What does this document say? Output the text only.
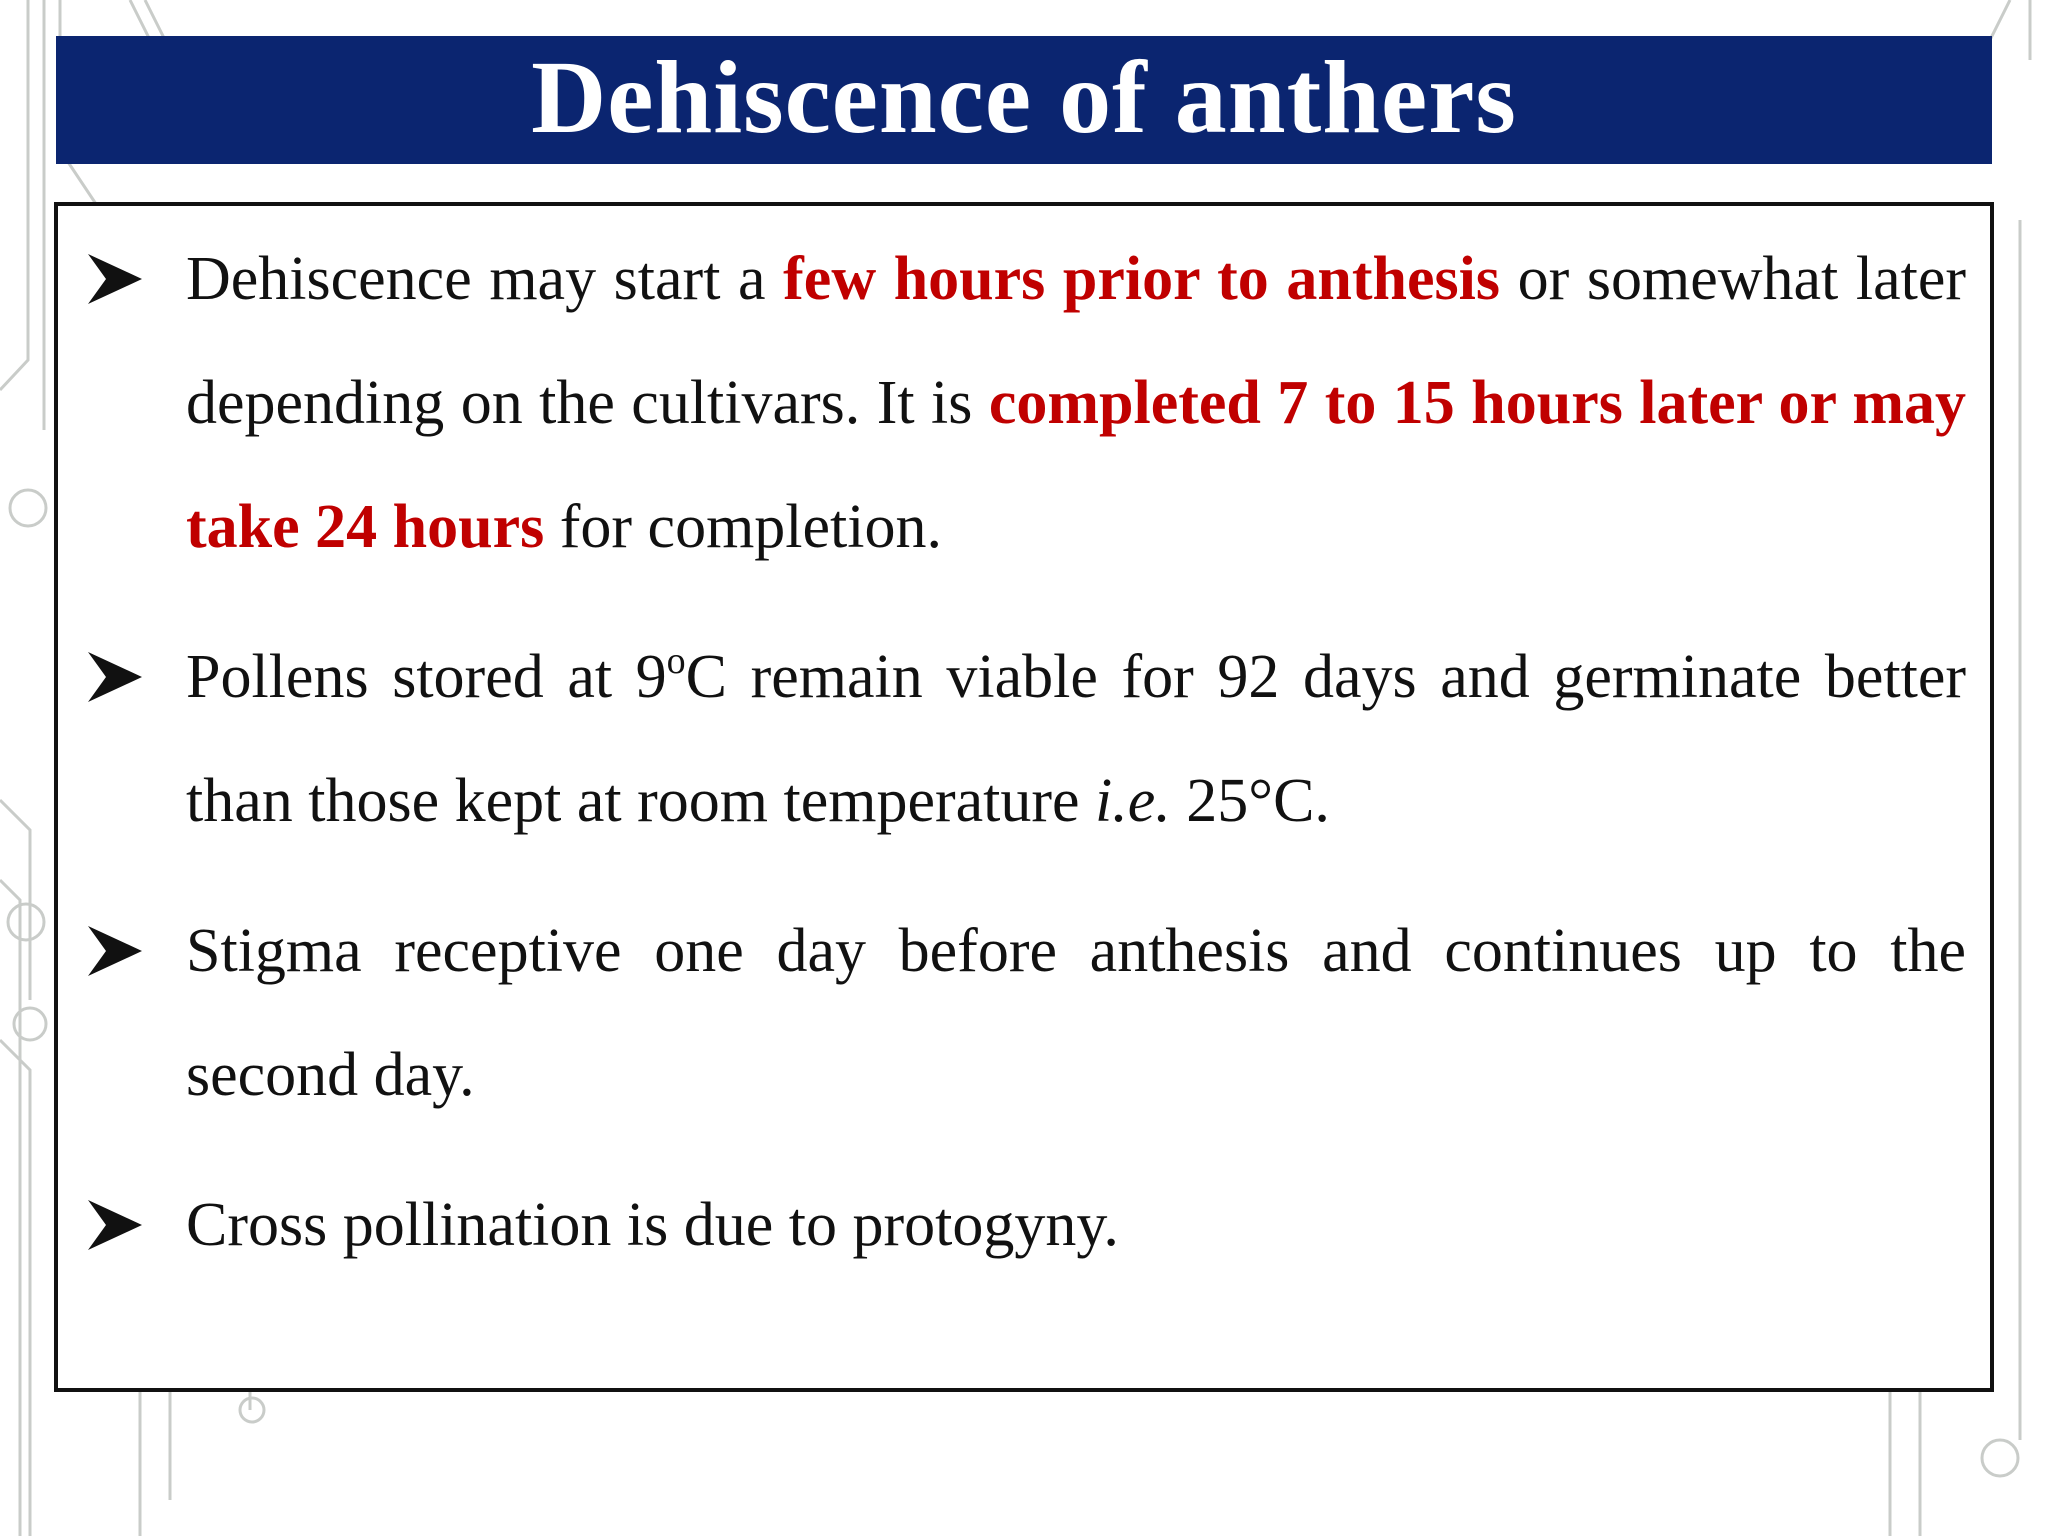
Dehiscence of anthers

Dehiscence may start a few hours prior to anthesis or somewhat later depending on the cultivars. It is completed 7 to 15 hours later or may take 24 hours for completion.

Pollens stored at 9$^o$C remain viable for 92 days and germinate better than those kept at room temperature i.e. 25°C.

Stigma receptive one day before anthesis and continues up to the second day.

Cross pollination is due to protogyny.
